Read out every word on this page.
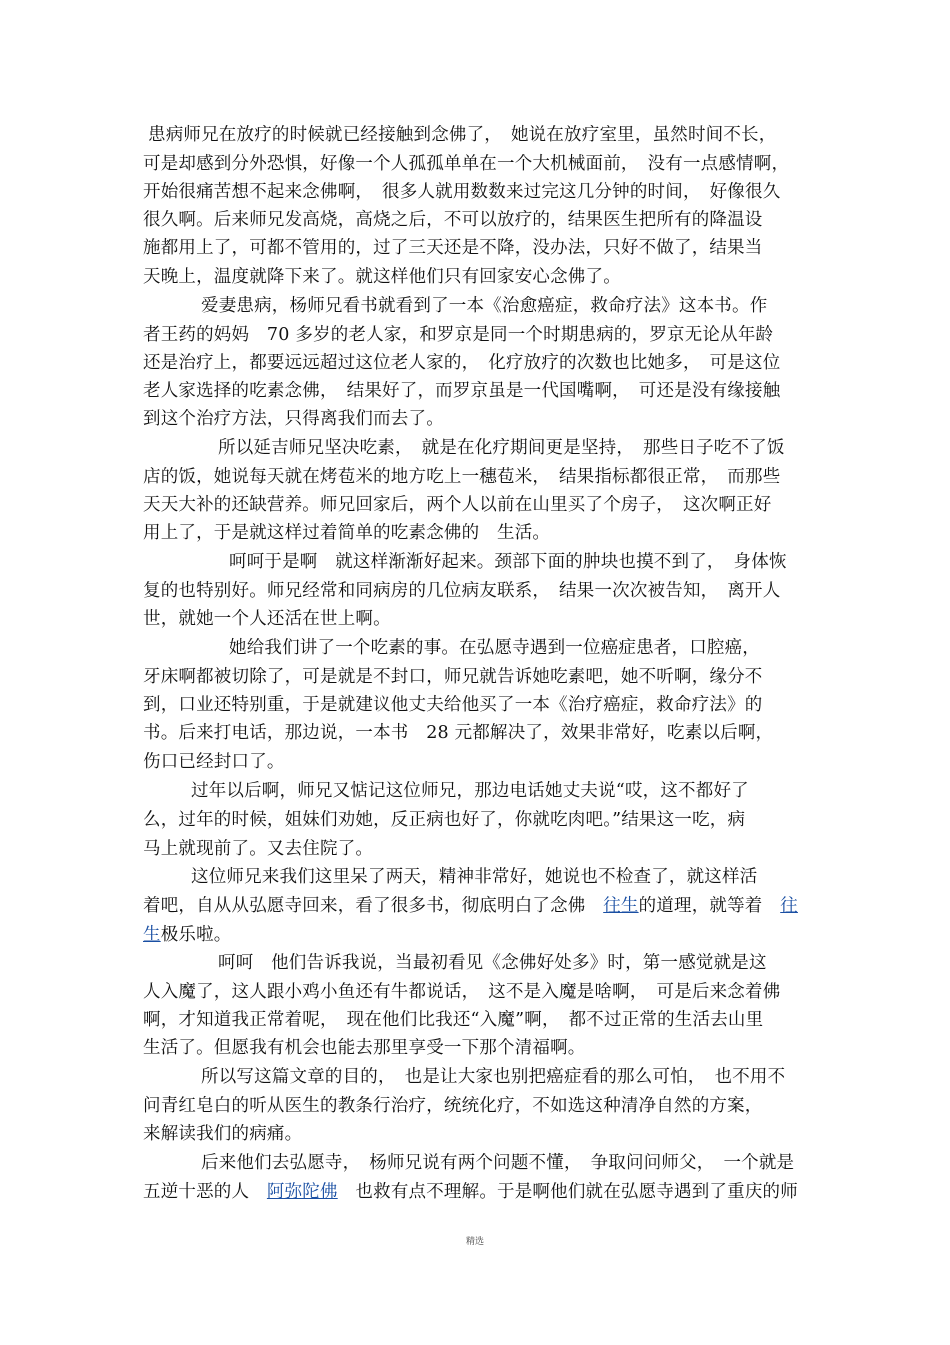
患病师兄在放疗的时候就已经接触到念佛了，　她说在放疗室里，虽然时间不长，
可是却感到分外恐惧，好像一个人孤孤单单在一个大机械面前，　没有一点感情啊，
开始很痛苦想不起来念佛啊，　很多人就用数数来过完这几分钟的时间，　好像很久
很久啊。后来师兄发高烧，高烧之后，不可以放疗的，结果医生把所有的降温设
施都用上了，可都不管用的，过了三天还是不降，没办法，只好不做了，结果当
天晚上，温度就降下来了。就这样他们只有回家安心念佛了。
爱妻患病，杨师兄看书就看到了一本《治愈癌症，救命疗法》这本书。作
者王药的妈妈　70 多岁的老人家，和罗京是同一个时期患病的，罗京无论从年龄
还是治疗上，都要远远超过这位老人家的，　化疗放疗的次数也比她多，　可是这位
老人家选择的吃素念佛，　结果好了，而罗京虽是一代国嘴啊，　可还是没有缘接触
到这个治疗方法，只得离我们而去了。
所以延吉师兄坚决吃素，　就是在化疗期间更是坚持，　那些日子吃不了饭
店的饭，她说每天就在烤苞米的地方吃上一穗苞米，　结果指标都很正常，　而那些
天天大补的还缺营养。师兄回家后，两个人以前在山里买了个房子，　这次啊正好
用上了，于是就这样过着简单的吃素念佛的　生活。
呵呵于是啊　就这样渐渐好起来。颈部下面的肿块也摸不到了，　身体恢
复的也特别好。师兄经常和同病房的几位病友联系，　结果一次次被告知，　离开人
世，就她一个人还活在世上啊。
她给我们讲了一个吃素的事。在弘愿寺遇到一位癌症患者，口腔癌，
牙床啊都被切除了，可是就是不封口，师兄就告诉她吃素吧，她不听啊，缘分不
到，口业还特别重，于是就建议他丈夫给他买了一本《治疗癌症，救命疗法》的
书。后来打电话，那边说，一本书　28 元都解决了，效果非常好，吃素以后啊，
伤口已经封口了。
过年以后啊，师兄又惦记这位师兄，那边电话她丈夫说“哎，这不都好了
么，过年的时候，姐妹们劝她，反正病也好了，你就吃肉吧。”结果这一吃，病
马上就现前了。又去住院了。
这位师兄来我们这里呆了两天，精神非常好，她说也不检查了，就这样活
着吧，自从从弘愿寺回来，看了很多书，彻底明白了念佛　 往生的道理，就等着　 往
生极乐啦。
呵呵　他们告诉我说，当最初看见《念佛好处多》时，第一感觉就是这
人入魔了，这人跟小鸡小鱼还有牛都说话，　这不是入魔是啥啊，　可是后来念着佛
啊，才知道我正常着呢，　现在他们比我还“入魔”啊，　都不过正常的生活去山里
生活了。但愿我有机会也能去那里享受一下那个清福啊。
所以写这篇文章的目的，　也是让大家也别把癌症看的那么可怕，　也不用不
问青红皂白的听从医生的教条行治疗，统统化疗，不如选这种清净自然的方案，
来解读我们的病痛。
后来他们去弘愿寺，　杨师兄说有两个问题不懂，　争取问问师父，　一个就是
五逆十恶的人　 阿弥陀佛　 也救有点不理解。于是啊他们就在弘愿寺遇到了重庆的师
精选
